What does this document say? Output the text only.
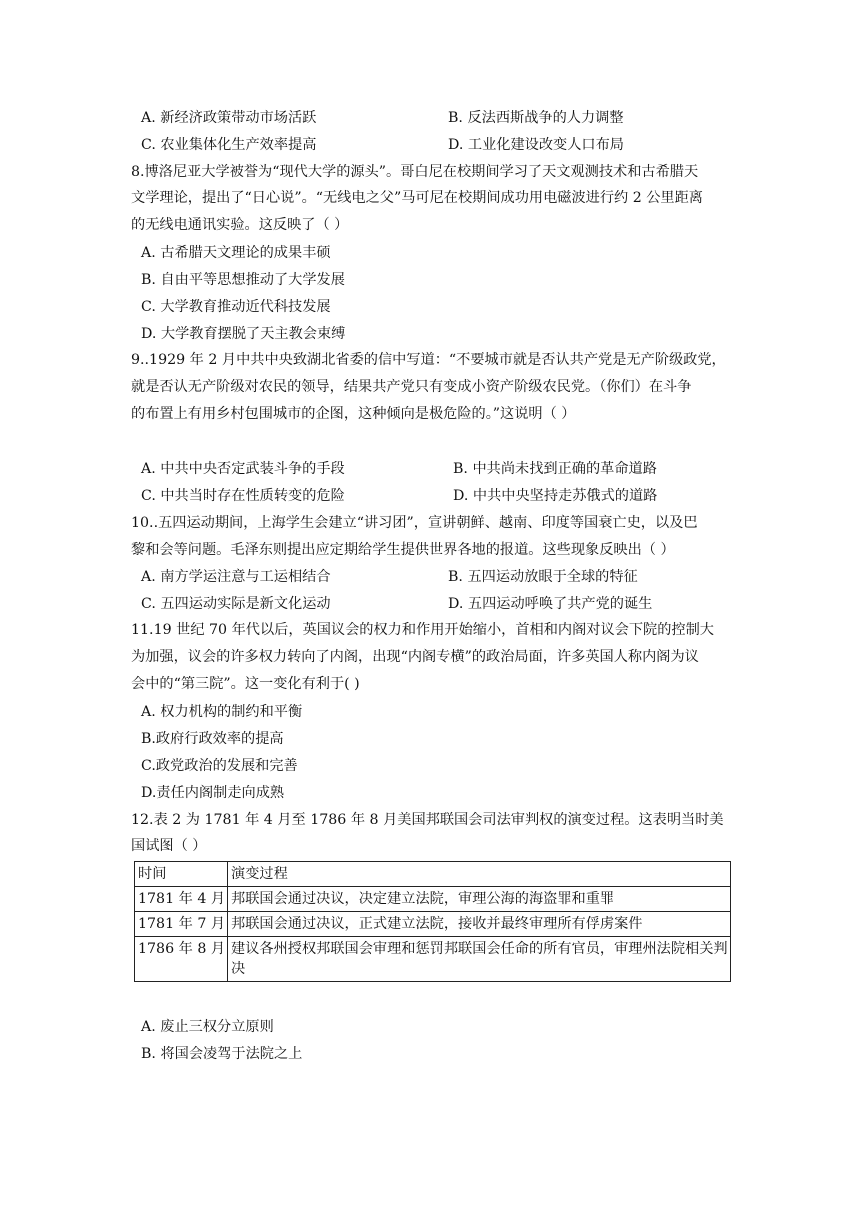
A. 新经济政策带动市场活跃	B. 反法西斯战争的人力调整
C. 农业集体化生产效率提高	D. 工业化建设改变人口布局
8.博洛尼亚大学被誉为“现代大学的源头”。哥白尼在校期间学习了天文观测技术和古希腊天
文学理论，提出了“日心说”。“无线电之父”马可尼在校期间成功用电磁波进行约 2 公里距离
的无线电通讯实验。这反映了（ ）
A. 古希腊天文理论的成果丰硕
B. 自由平等思想推动了大学发展
C. 大学教育推动近代科技发展
D. 大学教育摆脱了天主教会束缚
9..1929 年 2 月中共中央致湖北省委的信中写道：“不要城市就是否认共产党是无产阶级政党，
就是否认无产阶级对农民的领导，结果共产党只有变成小资产阶级农民党。（你们）在斗争
的布置上有用乡村包围城市的企图，这种倾向是极危险的。”这说明（ ）
A. 中共中央否定武装斗争的手段	B. 中共尚未找到正确的革命道路
C. 中共当时存在性质转变的危险	D. 中共中央坚持走苏俄式的道路
10..五四运动期间，上海学生会建立“讲习团”，宣讲朝鲜、越南、印度等国衰亡史，以及巴
黎和会等问题。毛泽东则提出应定期给学生提供世界各地的报道。这些现象反映出（ ）
A. 南方学运注意与工运相结合	B. 五四运动放眼于全球的特征
C. 五四运动实际是新文化运动	D. 五四运动呼唤了共产党的诞生
11.19 世纪 70 年代以后，英国议会的权力和作用开始缩小，首相和内阁对议会下院的控制大
为加强，议会的许多权力转向了内阁，出现“内阁专横”的政治局面，许多英国人称内阁为议
会中的“第三院”。这一变化有利于( )
A. 权力机构的制约和平衡
B.政府行政效率的提高
C.政党政治的发展和完善
D.责任内阁制走向成熟
12.表 2 为 1781 年 4 月至 1786 年 8 月美国邦联国会司法审判权的演变过程。这表明当时美
国试图（ ）
时间	演变过程
1781 年 4 月	邦联国会通过决议，决定建立法院，审理公海的海盗罪和重罪
1781 年 7 月	邦联国会通过决议，正式建立法院，接收并最终审理所有俘虏案件
1786 年 8 月	建议各州授权邦联国会审理和惩罚邦联国会任命的所有官员，审理州法院相关判决
A. 废止三权分立原则
B. 将国会凌驾于法院之上
